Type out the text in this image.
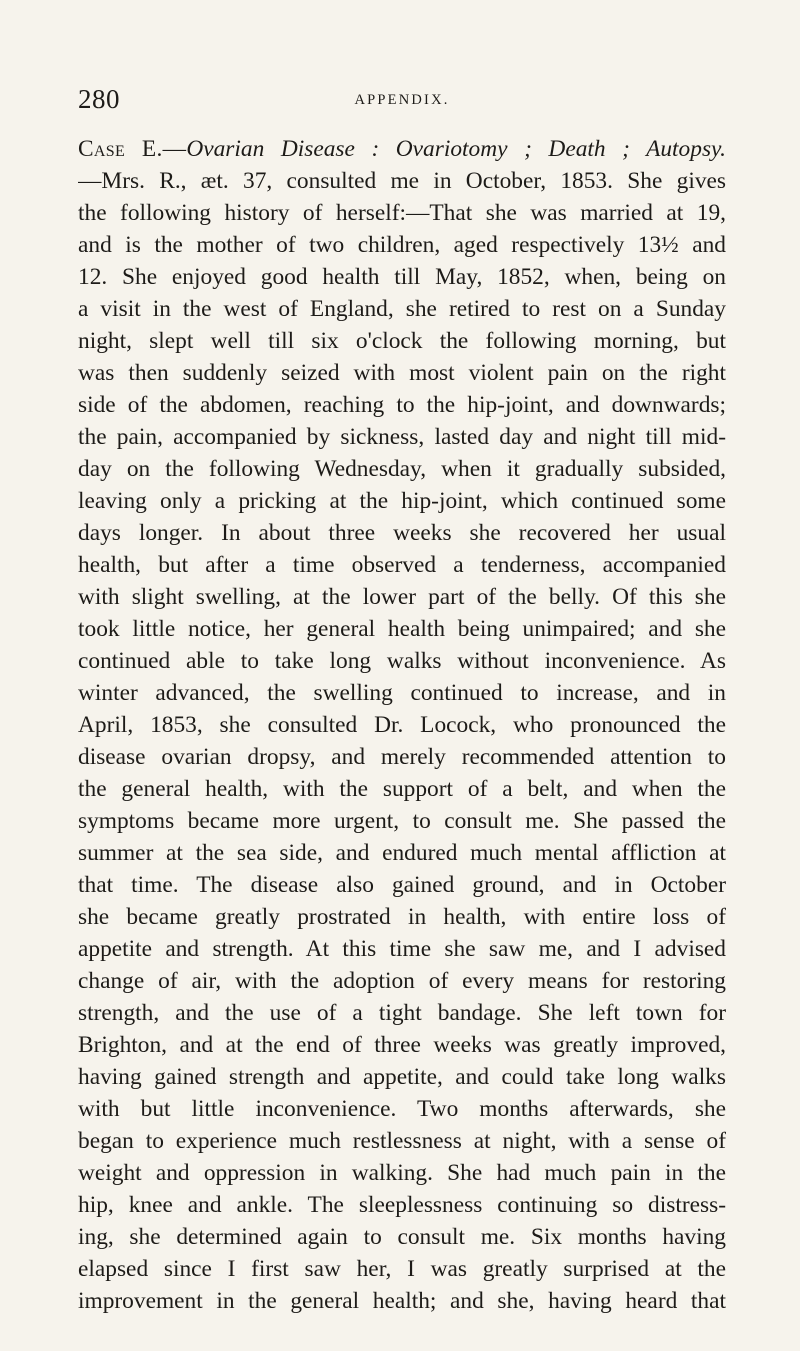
280	APPENDIX.
Case E.—Ovarian Disease : Ovariotomy ; Death ; Autopsy.
—Mrs. R., æt. 37, consulted me in October, 1853. She gives
the following history of herself:—That she was married at 19,
and is the mother of two children, aged respectively 13½ and
12. She enjoyed good health till May, 1852, when, being on
a visit in the west of England, she retired to rest on a Sunday
night, slept well till six o'clock the following morning, but
was then suddenly seized with most violent pain on the right
side of the abdomen, reaching to the hip-joint, and downwards;
the pain, accompanied by sickness, lasted day and night till mid-
day on the following Wednesday, when it gradually subsided,
leaving only a pricking at the hip-joint, which continued some
days longer. In about three weeks she recovered her usual
health, but after a time observed a tenderness, accompanied
with slight swelling, at the lower part of the belly. Of this she
took little notice, her general health being unimpaired; and she
continued able to take long walks without inconvenience. As
winter advanced, the swelling continued to increase, and in
April, 1853, she consulted Dr. Locock, who pronounced the
disease ovarian dropsy, and merely recommended attention to
the general health, with the support of a belt, and when the
symptoms became more urgent, to consult me. She passed the
summer at the sea side, and endured much mental affliction at
that time. The disease also gained ground, and in October
she became greatly prostrated in health, with entire loss of
appetite and strength. At this time she saw me, and I advised
change of air, with the adoption of every means for restoring
strength, and the use of a tight bandage. She left town for
Brighton, and at the end of three weeks was greatly improved,
having gained strength and appetite, and could take long walks
with but little inconvenience. Two months afterwards, she
began to experience much restlessness at night, with a sense of
weight and oppression in walking. She had much pain in the
hip, knee and ankle. The sleeplessness continuing so distress-
ing, she determined again to consult me. Six months having
elapsed since I first saw her, I was greatly surprised at the
improvement in the general health; and she, having heard that
